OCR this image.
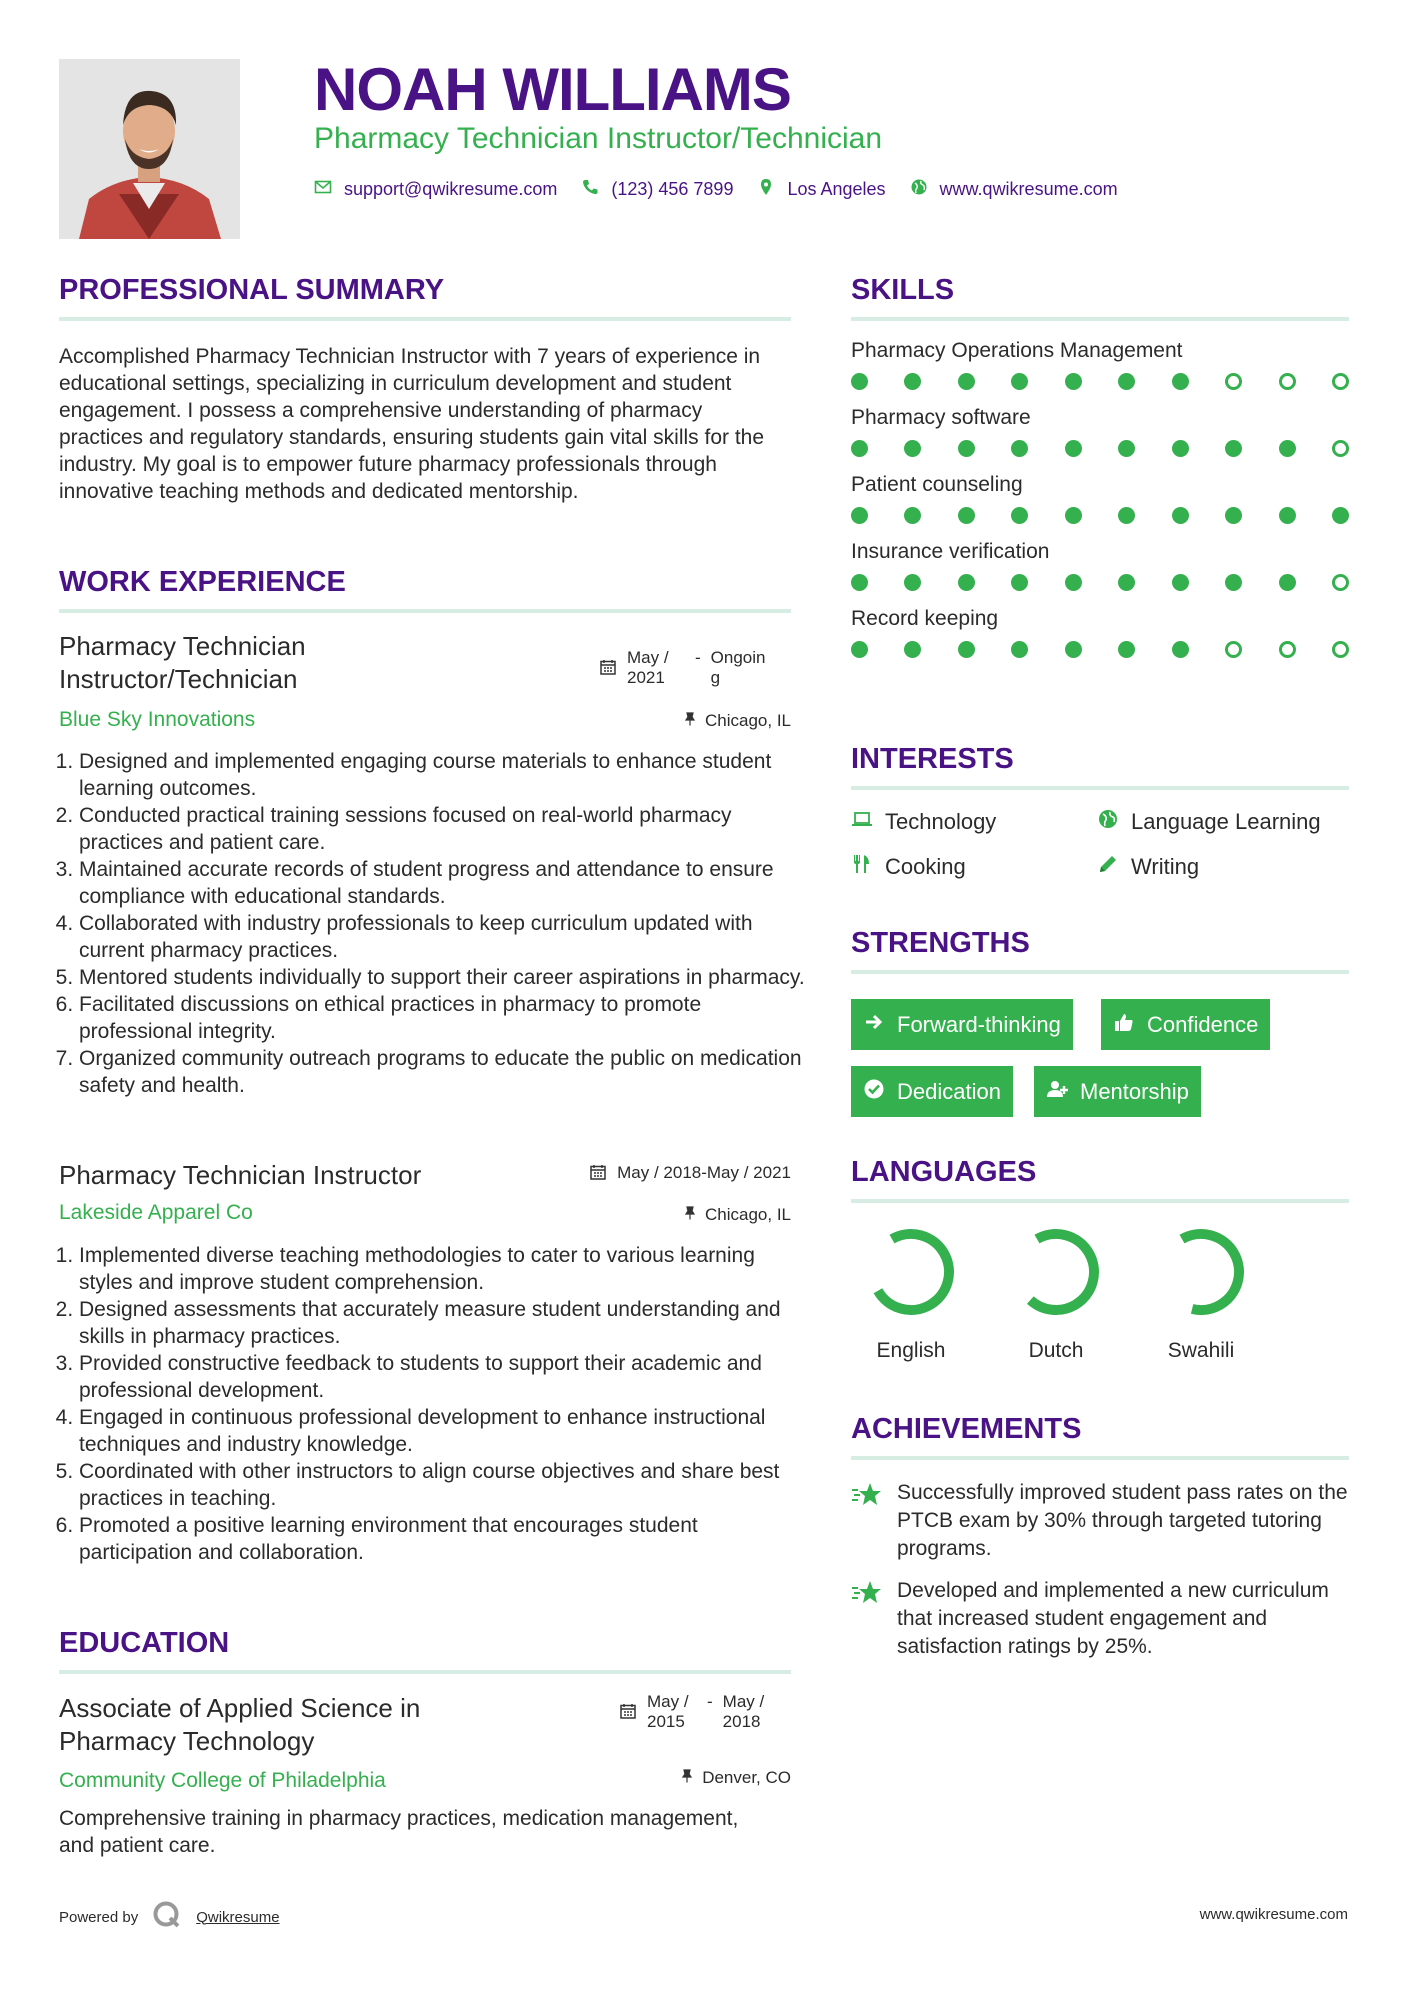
NOAH WILLIAMS
Pharmacy Technician Instructor/Technician
support@qwikresume.com	(123) 456 7899	Los Angeles	www.qwikresume.com
PROFESSIONAL SUMMARY
Accomplished Pharmacy Technician Instructor with 7 years of experience in educational settings, specializing in curriculum development and student engagement. I possess a comprehensive understanding of pharmacy practices and regulatory standards, ensuring students gain vital skills for the industry. My goal is to empower future pharmacy professionals through innovative teaching methods and dedicated mentorship.
WORK EXPERIENCE
Pharmacy Technician Instructor/Technician
May / 2021
- Ongoing
Blue Sky Innovations	Chicago, IL
1. Designed and implemented engaging course materials to enhance student learning outcomes.
2. Conducted practical training sessions focused on real-world pharmacy practices and patient care.
3. Maintained accurate records of student progress and attendance to ensure compliance with educational standards.
4. Collaborated with industry professionals to keep curriculum updated with current pharmacy practices.
5. Mentored students individually to support their career aspirations in pharmacy.
6. Facilitated discussions on ethical practices in pharmacy to promote professional integrity.
7. Organized community outreach programs to educate the public on medication safety and health.
Pharmacy Technician Instructor	May / 2018-May / 2021
Lakeside Apparel Co	Chicago, IL
1. Implemented diverse teaching methodologies to cater to various learning styles and improve student comprehension.
2. Designed assessments that accurately measure student understanding and skills in pharmacy practices.
3. Provided constructive feedback to students to support their academic and professional development.
4. Engaged in continuous professional development to enhance instructional techniques and industry knowledge.
5. Coordinated with other instructors to align course objectives and share best practices in teaching.
6. Promoted a positive learning environment that encourages student participation and collaboration.
EDUCATION
Associate of Applied Science in Pharmacy Technology
May / 2015
- May / 2018
Community College of Philadelphia	Denver, CO
Comprehensive training in pharmacy practices, medication management, and patient care.
SKILLS
Pharmacy Operations Management
Pharmacy software
Patient counseling
Insurance verification
Record keeping
INTERESTS
Technology	Language Learning
Cooking	Writing
STRENGTHS
Forward-thinking	Confidence
Dedication	Mentorship
LANGUAGES
English	Dutch	Swahili
ACHIEVEMENTS
Successfully improved student pass rates on the PTCB exam by 30% through targeted tutoring programs.
Developed and implemented a new curriculum that increased student engagement and satisfaction ratings by 25%.
Powered by	Qwikresume	www.qwikresume.com
